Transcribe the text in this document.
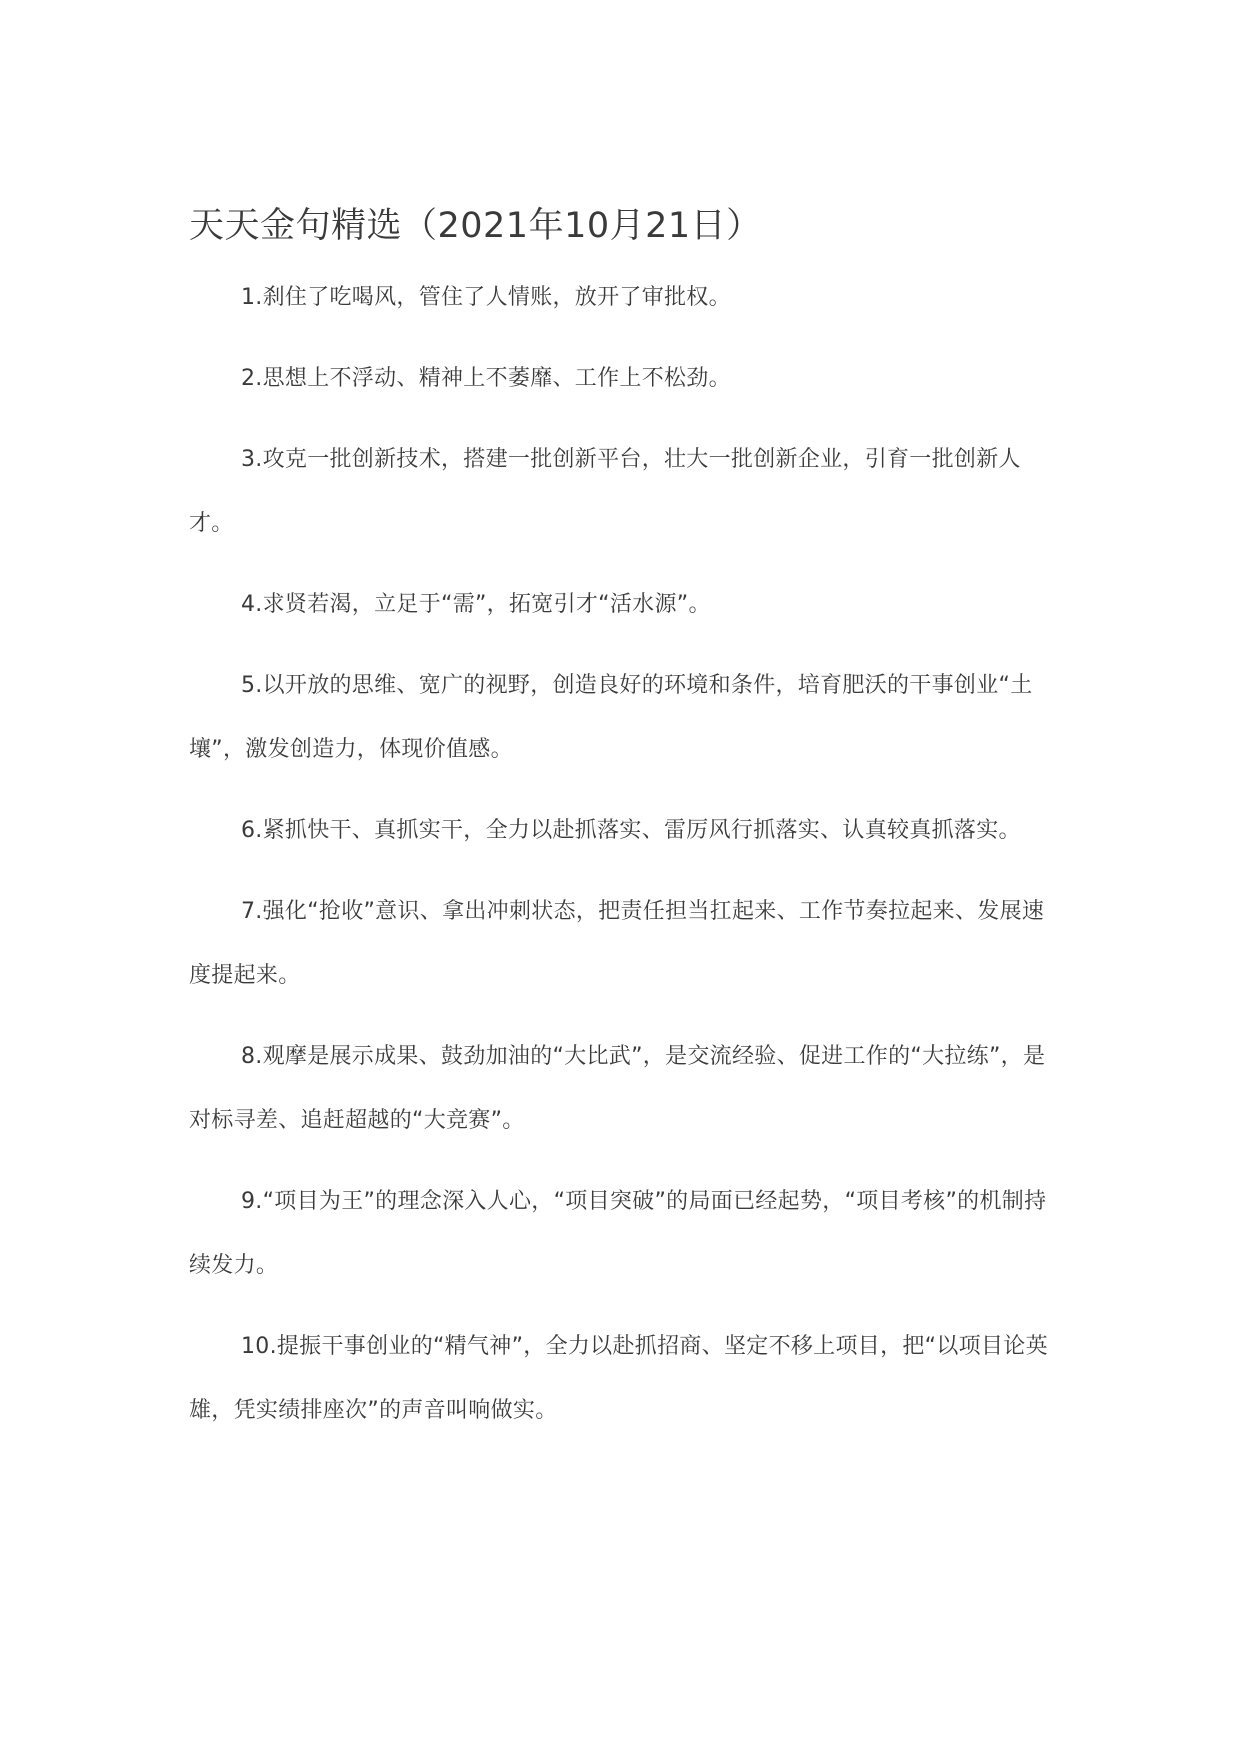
天天金句精选（2021年10月21日）

1.刹住了吃喝风，管住了人情账，放开了审批权。

2.思想上不浮动、精神上不萎靡、工作上不松劲。

3.攻克一批创新技术，搭建一批创新平台，壮大一批创新企业，引育一批创新人才。

4.求贤若渴，立足于“需”，拓宽引才“活水源”。

5.以开放的思维、宽广的视野，创造良好的环境和条件，培育肥沃的干事创业“土壤”，激发创造力，体现价值感。

6.紧抓快干、真抓实干，全力以赴抓落实、雷厉风行抓落实、认真较真抓落实。

7.强化“抢收”意识、拿出冲刺状态，把责任担当扛起来、工作节奏拉起来、发展速度提起来。

8.观摩是展示成果、鼓劲加油的“大比武”，是交流经验、促进工作的“大拉练”，是对标寻差、追赶超越的“大竞赛”。

9.“项目为王”的理念深入人心，“项目突破”的局面已经起势，“项目考核”的机制持续发力。

10.提振干事创业的“精气神”，全力以赴抓招商、坚定不移上项目，把“以项目论英雄，凭实绩排座次”的声音叫响做实。
